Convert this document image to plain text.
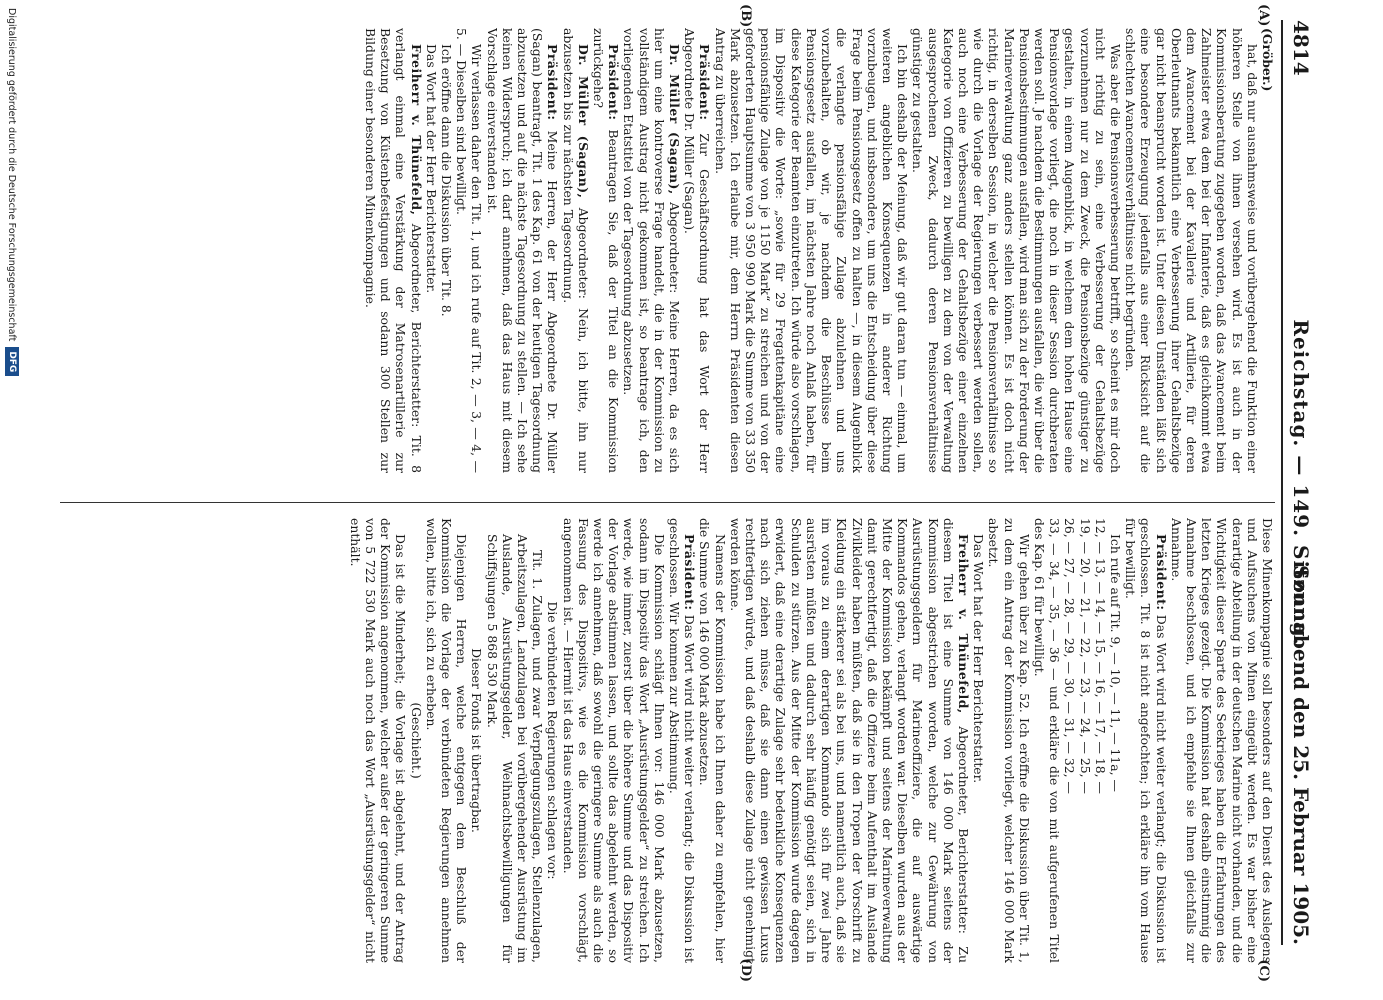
4814
Reichstag. — 149. Sitzung.
Sonnabend den 25. Februar 1905.
(A)
(B)
(C)
(D)

(Gröber.)

hat, daß nur ausnahmsweise und vorübergehend die Funktion einer höheren Stelle von ihnen versehen wird. Es ist auch in der Kommissionsberatung zugegeben worden, daß das Avancement beim Zahlmeister etwa dem bei der Infanterie, daß es gleichkommt etwa dem Avancement bei der Kavallerie und Artillerie, für deren Oberleutnants bekanntlich eine Verbesserung ihrer Gehaltsbezüge gar nicht beansprucht worden ist. Unter diesen Umständen läßt sich eine besondere Erzeugung jedenfalls aus einer Rücksicht auf die schlechten Avancementsverhältnisse nicht begründen.

Was aber die Pensionsverbesserung betrifft, so scheint es mir doch nicht richtig zu sein, eine Verbesserung der Gehaltsbezüge vorzunehmen nur zu dem Zweck, die Pensionsbezüge günstiger zu gestalten, in einem Augenblick, in welchem dem hohen Hause eine Pensionsvorlage vorliegt, die noch in dieser Session durchberaten werden soll. Je nachdem die Bestimmungen ausfallen, die wir über die Pensionsbestimmungen ausfallen, wird man sich zu der Forderung der Marineverwaltung ganz anders stellen können. Es ist doch nicht richtig, in derselben Session, in welcher die Pensionsverhältnisse so wie durch die Vorlage der Regierungen verbessert werden sollen, auch noch eine Verbesserung der Gehaltsbezüge einer einzelnen Kategorie von Offizieren zu bewilligen zu dem von der Verwaltung ausgesprochenen Zweck, dadurch deren Pensionsverhältnisse günstiger zu gestalten.

Ich bin deshalb der Meinung, daß wir gut daran tun — einmal, um weiteren angeblichen Konsequenzen in anderer Richtung vorzubeugen, und insbesondere, um uns die Entscheidung über diese Frage beim Pensionsgesetz offen zu halten —, in diesem Augenblick die verlangte pensionsfähige Zulage abzulehnen und uns vorzubehalten, ob wir, je nachdem die Beschlüsse beim Pensionsgesetz ausfallen, im nächsten Jahre noch Anlaß haben, für diese Kategorie der Beamten einzutreten. Ich würde also vorschlagen, im Dispositiv die Worte: „sowie für 29 Fregattenkapitäne eine pensionsfähige Zulage von je 1150 Mark“ zu streichen und von der geforderten Hauptsumme von 3 950 990 Mark die Summe von 33 350 Mark abzusetzen. Ich erlaube mir, dem Herrn Präsidenten diesen Antrag zu überreichen.

Präsident: Zur Geschäftsordnung hat das Wort der Herr Abgeordnete Dr. Müller (Sagan).

Dr. Müller (Sagan), Abgeordneter: Meine Herren, da es sich hier um eine kontroverse Frage handelt, die in der Kommission zu vollständigem Austrag nicht gekommen ist, so beantrage ich, den vorliegenden Etatstitel von der Tagesordnung abzusetzen.

Präsident: Beantragen Sie, daß der Titel an die Kommission zurückgehe?

Dr. Müller (Sagan), Abgeordneter: Nein, ich bitte, ihn nur abzusetzen bis zur nächsten Tagesordnung.

Präsident: Meine Herren, der Herr Abgeordnete Dr. Müller (Sagan) beantragt, Tit. 1 des Kap. 61 von der heutigen Tagesordnung abzusetzen und auf die nächste Tagesordnung zu stellen. — Ich sehe keinen Widerspruch; ich darf annehmen, daß das Haus mit diesem Vorschlage einverstanden ist.

Wir verlassen daher den Tit. 1, und ich rufe auf Tit. 2, — 3, — 4, — 5. — Dieselben sind bewilligt.

Ich eröffne dann die Diskussion über Tit. 8.

Das Wort hat der Herr Berichterstatter.

Freiherr v. Thünefeld, Abgeordneter, Berichterstatter: Tit. 8 verlangt einmal eine Verstärkung der Matrosenartillerie zur Besetzung von Küstenbefestigungen und sodann 300 Stellen zur Bildung einer besonderen Minenkompagnie.

Diese Minenkompagnie soll besonders auf den Dienst des Auslegens und Aufsuchens von Minen eingeübt werden. Es war bisher eine derartige Abteilung in der deutschen Marine nicht vorhanden, und die Wichtigkeit dieser Sparte des Seekrieges haben die Erfahrungen des letzten Krieges gezeigt. Die Kommission hat deshalb einstimmig die Annahme beschlossen, und ich empfehle sie Ihnen gleichfalls zur Annahme.

Präsident: Das Wort wird nicht weiter verlangt; die Diskussion ist geschlossen. Tit. 8 ist nicht angefochten; ich erkläre ihn vom Hause für bewilligt.

Ich rufe auf Tit. 9, — 10, — 11, — 11a, —

12, — 13, — 14, — 15, — 16, — 17, — 18, —

19, — 20, — 21, — 22, — 23, — 24, — 25, —

26, — 27, — 28, — 29, — 30, — 31, — 32, —

33, — 34, — 35, — 36 — und erkläre die von mit aufgerufenen Titel des Kap. 61 für bewilligt.

Wir gehen über zu Kap. 52. Ich eröffne die Diskussion über Tit. 1, zu dem ein Antrag der Kommission vorliegt, welcher 146 000 Mark absetzt.

Das Wort hat der Herr Berichterstatter.

Freiherr v. Thünefeld, Abgeordneter, Berichterstatter: Zu diesem Titel ist eine Summe von 146 000 Mark seitens der Kommission abgestrichen worden, welche zur Gewährung von Ausrüstungsgeldern für Marineoffiziere, die auf auswärtige Kommandos gehen, verlangt worden war. Dieselben wurden aus der Mitte der Kommission bekämpft und seitens der Marineverwaltung damit gerechtfertigt, daß die Offiziere beim Aufenthalt im Auslande Zivilkleider haben müßten, daß sie in den Tropen der Vorschrift zu Kleidung ein stärkerer sei als bei uns, und namentlich auch, daß sie im voraus zu einem derartigen Kommando sich für zwei Jahre ausrüsten müßten und dadurch sehr häufig genötigt seien, sich in Schulden zu stürzen. Aus der Mitte der Kommission wurde dagegen erwidert, daß eine derartige Zulage sehr bedenkliche Konsequenzen nach sich ziehen müsse, daß sie dann einen gewissen Luxus rechtfertigen würde, und daß deshalb diese Zulage nicht genehmigt werden könne.

Namens der Kommission habe ich Ihnen daher zu empfehlen, hier die Summe von 146 000 Mark abzusetzen.

Präsident: Das Wort wird nicht weiter verlangt; die Diskussion ist geschlossen. Wir kommen zur Abstimmung.

Die Kommission schlägt Ihnen vor: 146 000 Mark abzusetzen, sodann im Dispositiv das Wort „Ausrüstungsgelder“ zu streichen. Ich werde, wie immer, zuerst über die höhere Summe und das Dispositiv der Vorlage abstimmen lassen, und sollte das abgelehnt werden, so werde ich annehmen, daß sowohl die geringere Summe als auch die Fassung des Dispositivs, wie es die Kommission vorschlägt, angenommen ist. — Hiermit ist das Haus einverstanden.

Die verbündeten Regierungen schlagen vor:

Tit. 1. Zulagen, und zwar Verpflegungszulagen, Stellenzulagen, Arbeitszulagen, Landzulagen bei vorübergehender Ausrüstung im Auslande, Ausrüstungsgelder, Weihnachtsbewilligungen für Schiffsjungen 5 868 530 Mark.

Dieser Fonds ist übertragbar.

Diejenigen Herren, welche entgegen dem Beschluß der Kommission die Vorlage der verbündeten Regierungen annehmen wollen, bitte ich, sich zu erheben.

(Geschieht.)

Das ist die Minderheit; die Vorlage ist abgelehnt, und der Antrag der Kommission angenommen, welcher außer der geringeren Summe von 5 722 530 Mark auch noch das Wort „Ausrüstungsgelder“ nicht enthält.

Digitalisierung gefördert durch die Deutsche Forschungsgemeinschaft
DFG
